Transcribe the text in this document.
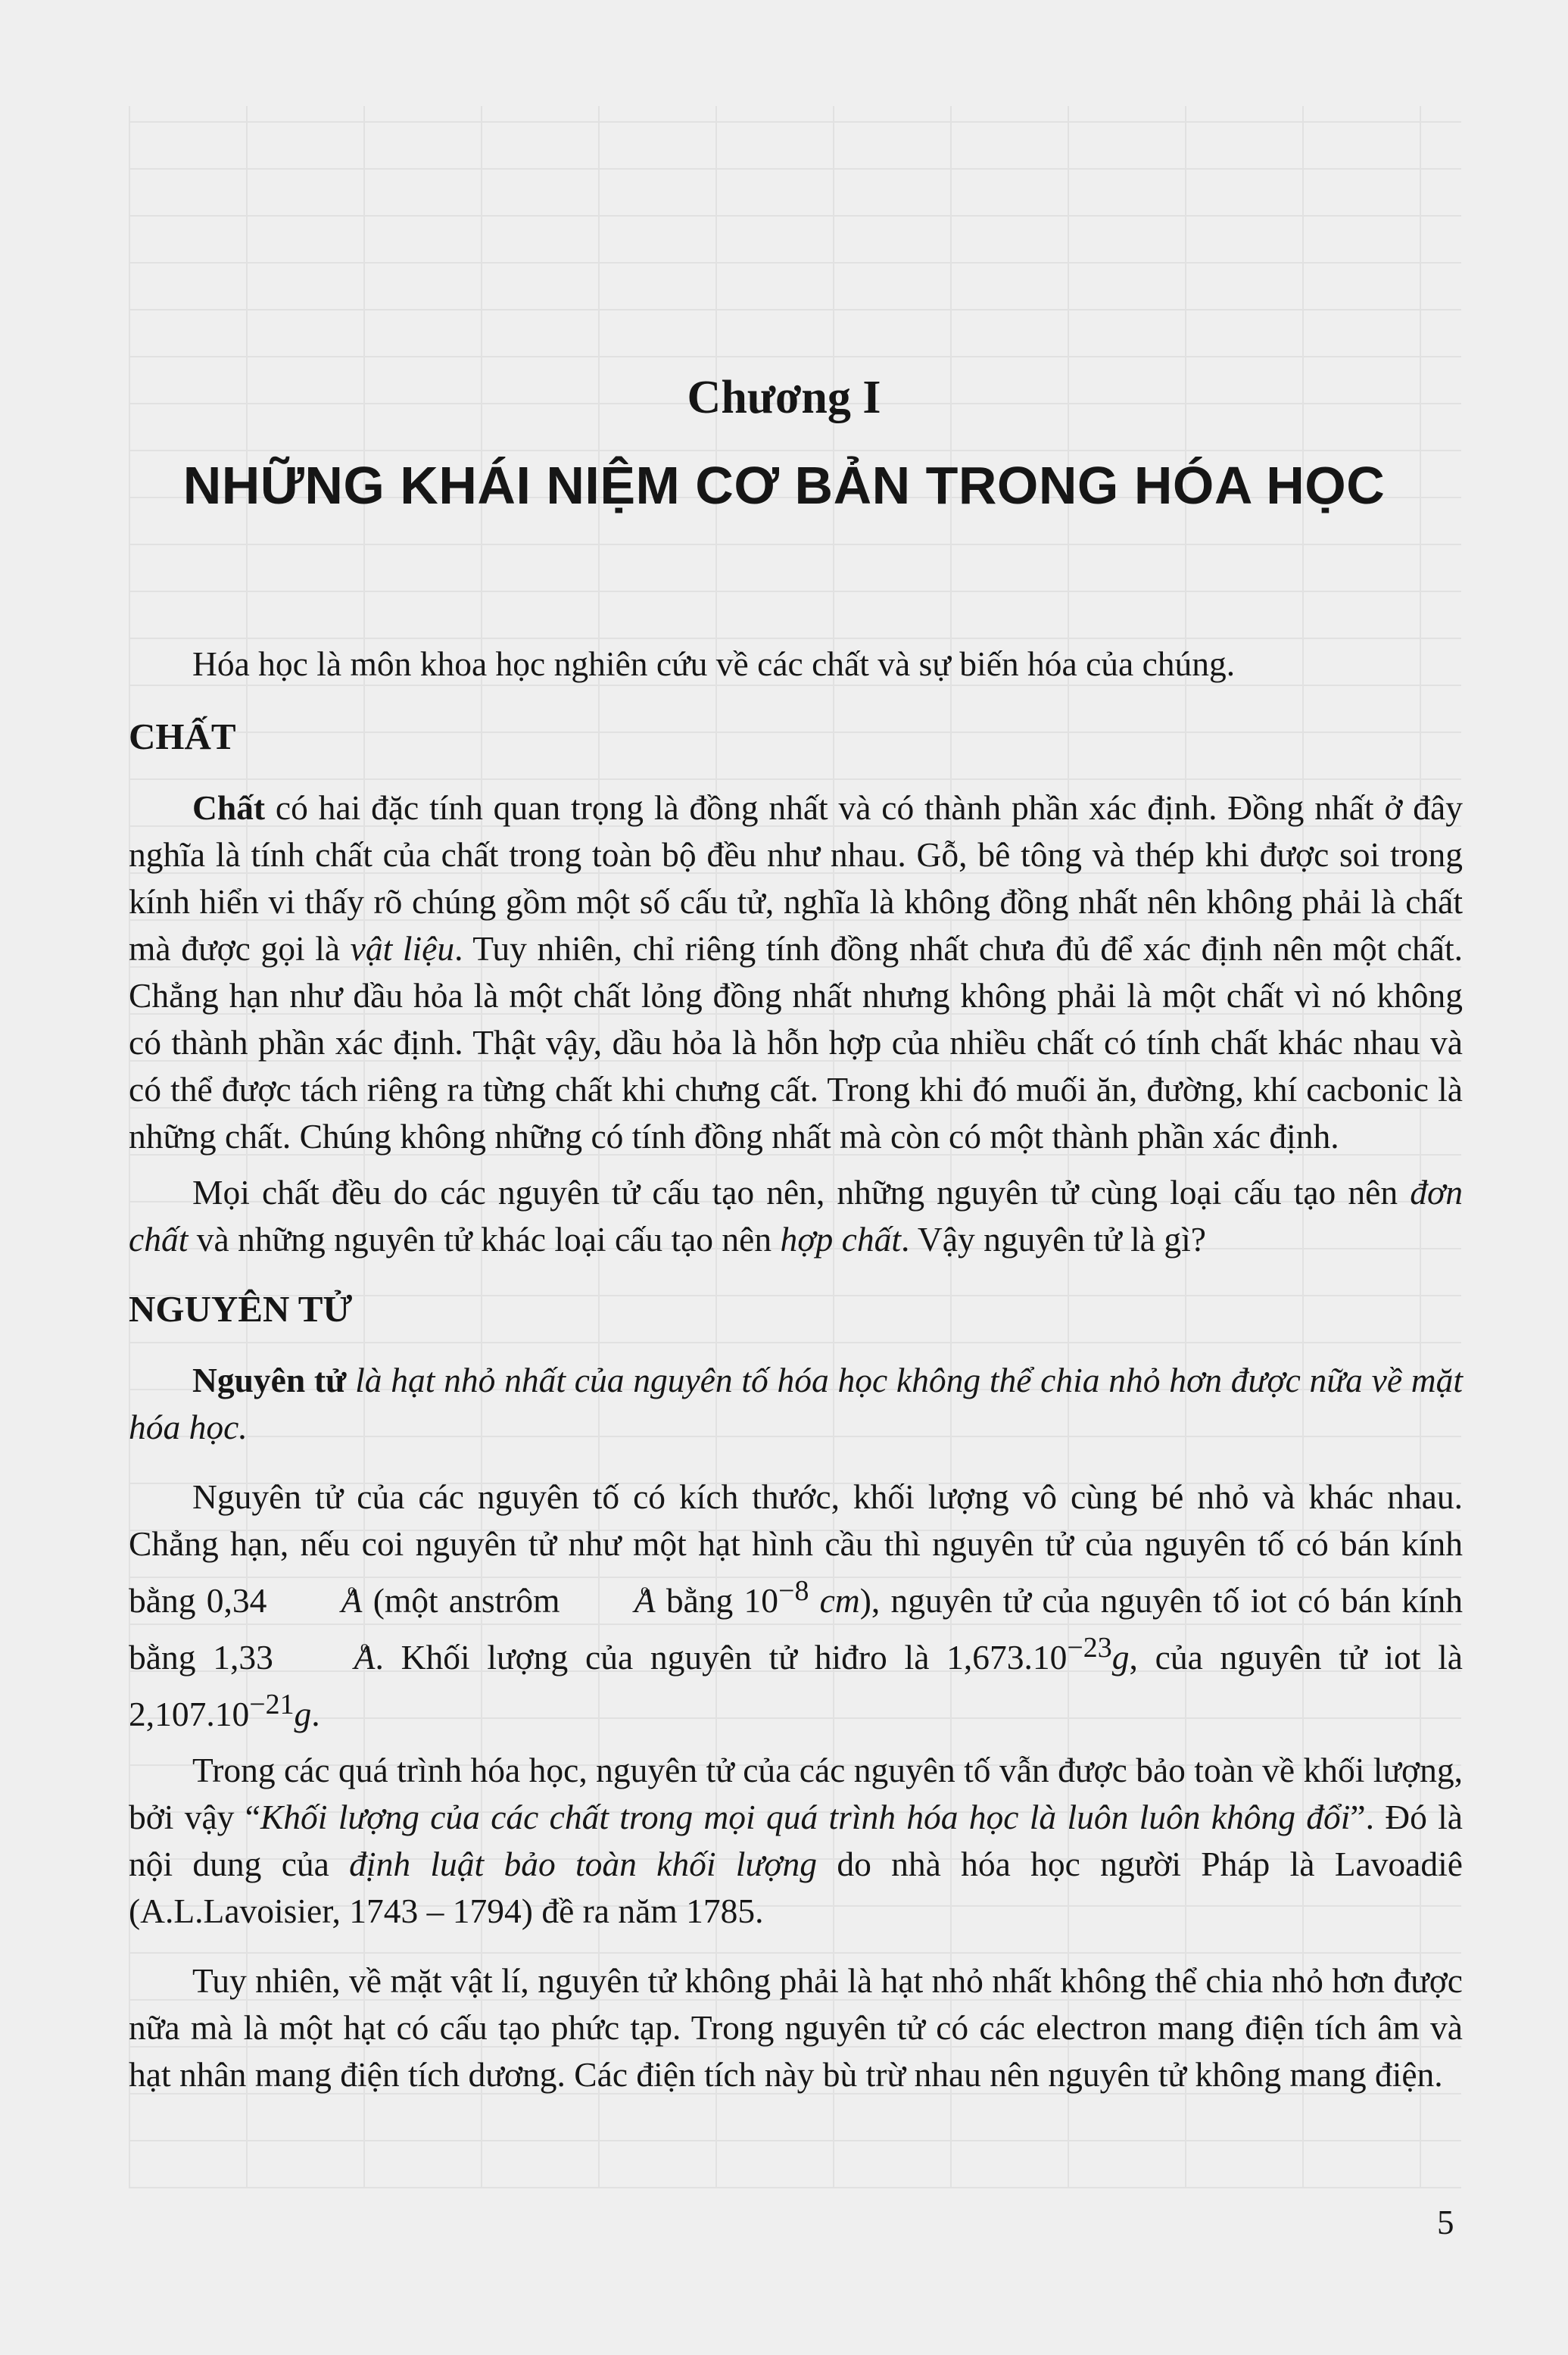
Chương I
NHỮNG KHÁI NIỆM CƠ BẢN TRONG HÓA HỌC

Hóa học là môn khoa học nghiên cứu về các chất và sự biến hóa của chúng.

CHẤT

Chất có hai đặc tính quan trọng là đồng nhất và có thành phần xác định. Đồng nhất ở đây nghĩa là tính chất của chất trong toàn bộ đều như nhau. Gỗ, bê tông và thép khi được soi trong kính hiển vi thấy rõ chúng gồm một số cấu tử, nghĩa là không đồng nhất nên không phải là chất mà được gọi là vật liệu. Tuy nhiên, chỉ riêng tính đồng nhất chưa đủ để xác định nên một chất. Chẳng hạn như dầu hỏa là một chất lỏng đồng nhất nhưng không phải là một chất vì nó không có thành phần xác định. Thật vậy, dầu hỏa là hỗn hợp của nhiều chất có tính chất khác nhau và có thể được tách riêng ra từng chất khi chưng cất. Trong khi đó muối ăn, đường, khí cacbonic là những chất. Chúng không những có tính đồng nhất mà còn có một thành phần xác định.

Mọi chất đều do các nguyên tử cấu tạo nên, những nguyên tử cùng loại cấu tạo nên đơn chất và những nguyên tử khác loại cấu tạo nên hợp chất. Vậy nguyên tử là gì?

NGUYÊN TỬ

Nguyên tử là hạt nhỏ nhất của nguyên tố hóa học không thể chia nhỏ hơn được nữa về mặt hóa học.

Nguyên tử của các nguyên tố có kích thước, khối lượng vô cùng bé nhỏ và khác nhau. Chẳng hạn, nếu coi nguyên tử như một hạt hình cầu thì nguyên tử của nguyên tố có bán kính bằng 0,34 o A (một anstrôm o A bằng $10^{-8}$ cm), nguyên tử của nguyên tố iot có bán kính bằng 1,33 o A. Khối lượng của nguyên tử hiđro là $1,673.10^{-23}g$, của nguyên tử iot là $2,107.10^{-21}g$.

Trong các quá trình hóa học, nguyên tử của các nguyên tố vẫn được bảo toàn về khối lượng, bởi vậy “Khối lượng của các chất trong mọi quá trình hóa học là luôn luôn không đổi”. Đó là nội dung của định luật bảo toàn khối lượng do nhà hóa học người Pháp là Lavoadiê (A.L.Lavoisier, 1743 – 1794) đề ra năm 1785.

Tuy nhiên, về mặt vật lí, nguyên tử không phải là hạt nhỏ nhất không thể chia nhỏ hơn được nữa mà là một hạt có cấu tạo phức tạp. Trong nguyên tử có các electron mang điện tích âm và hạt nhân mang điện tích dương. Các điện tích này bù trừ nhau nên nguyên tử không mang điện.

5
